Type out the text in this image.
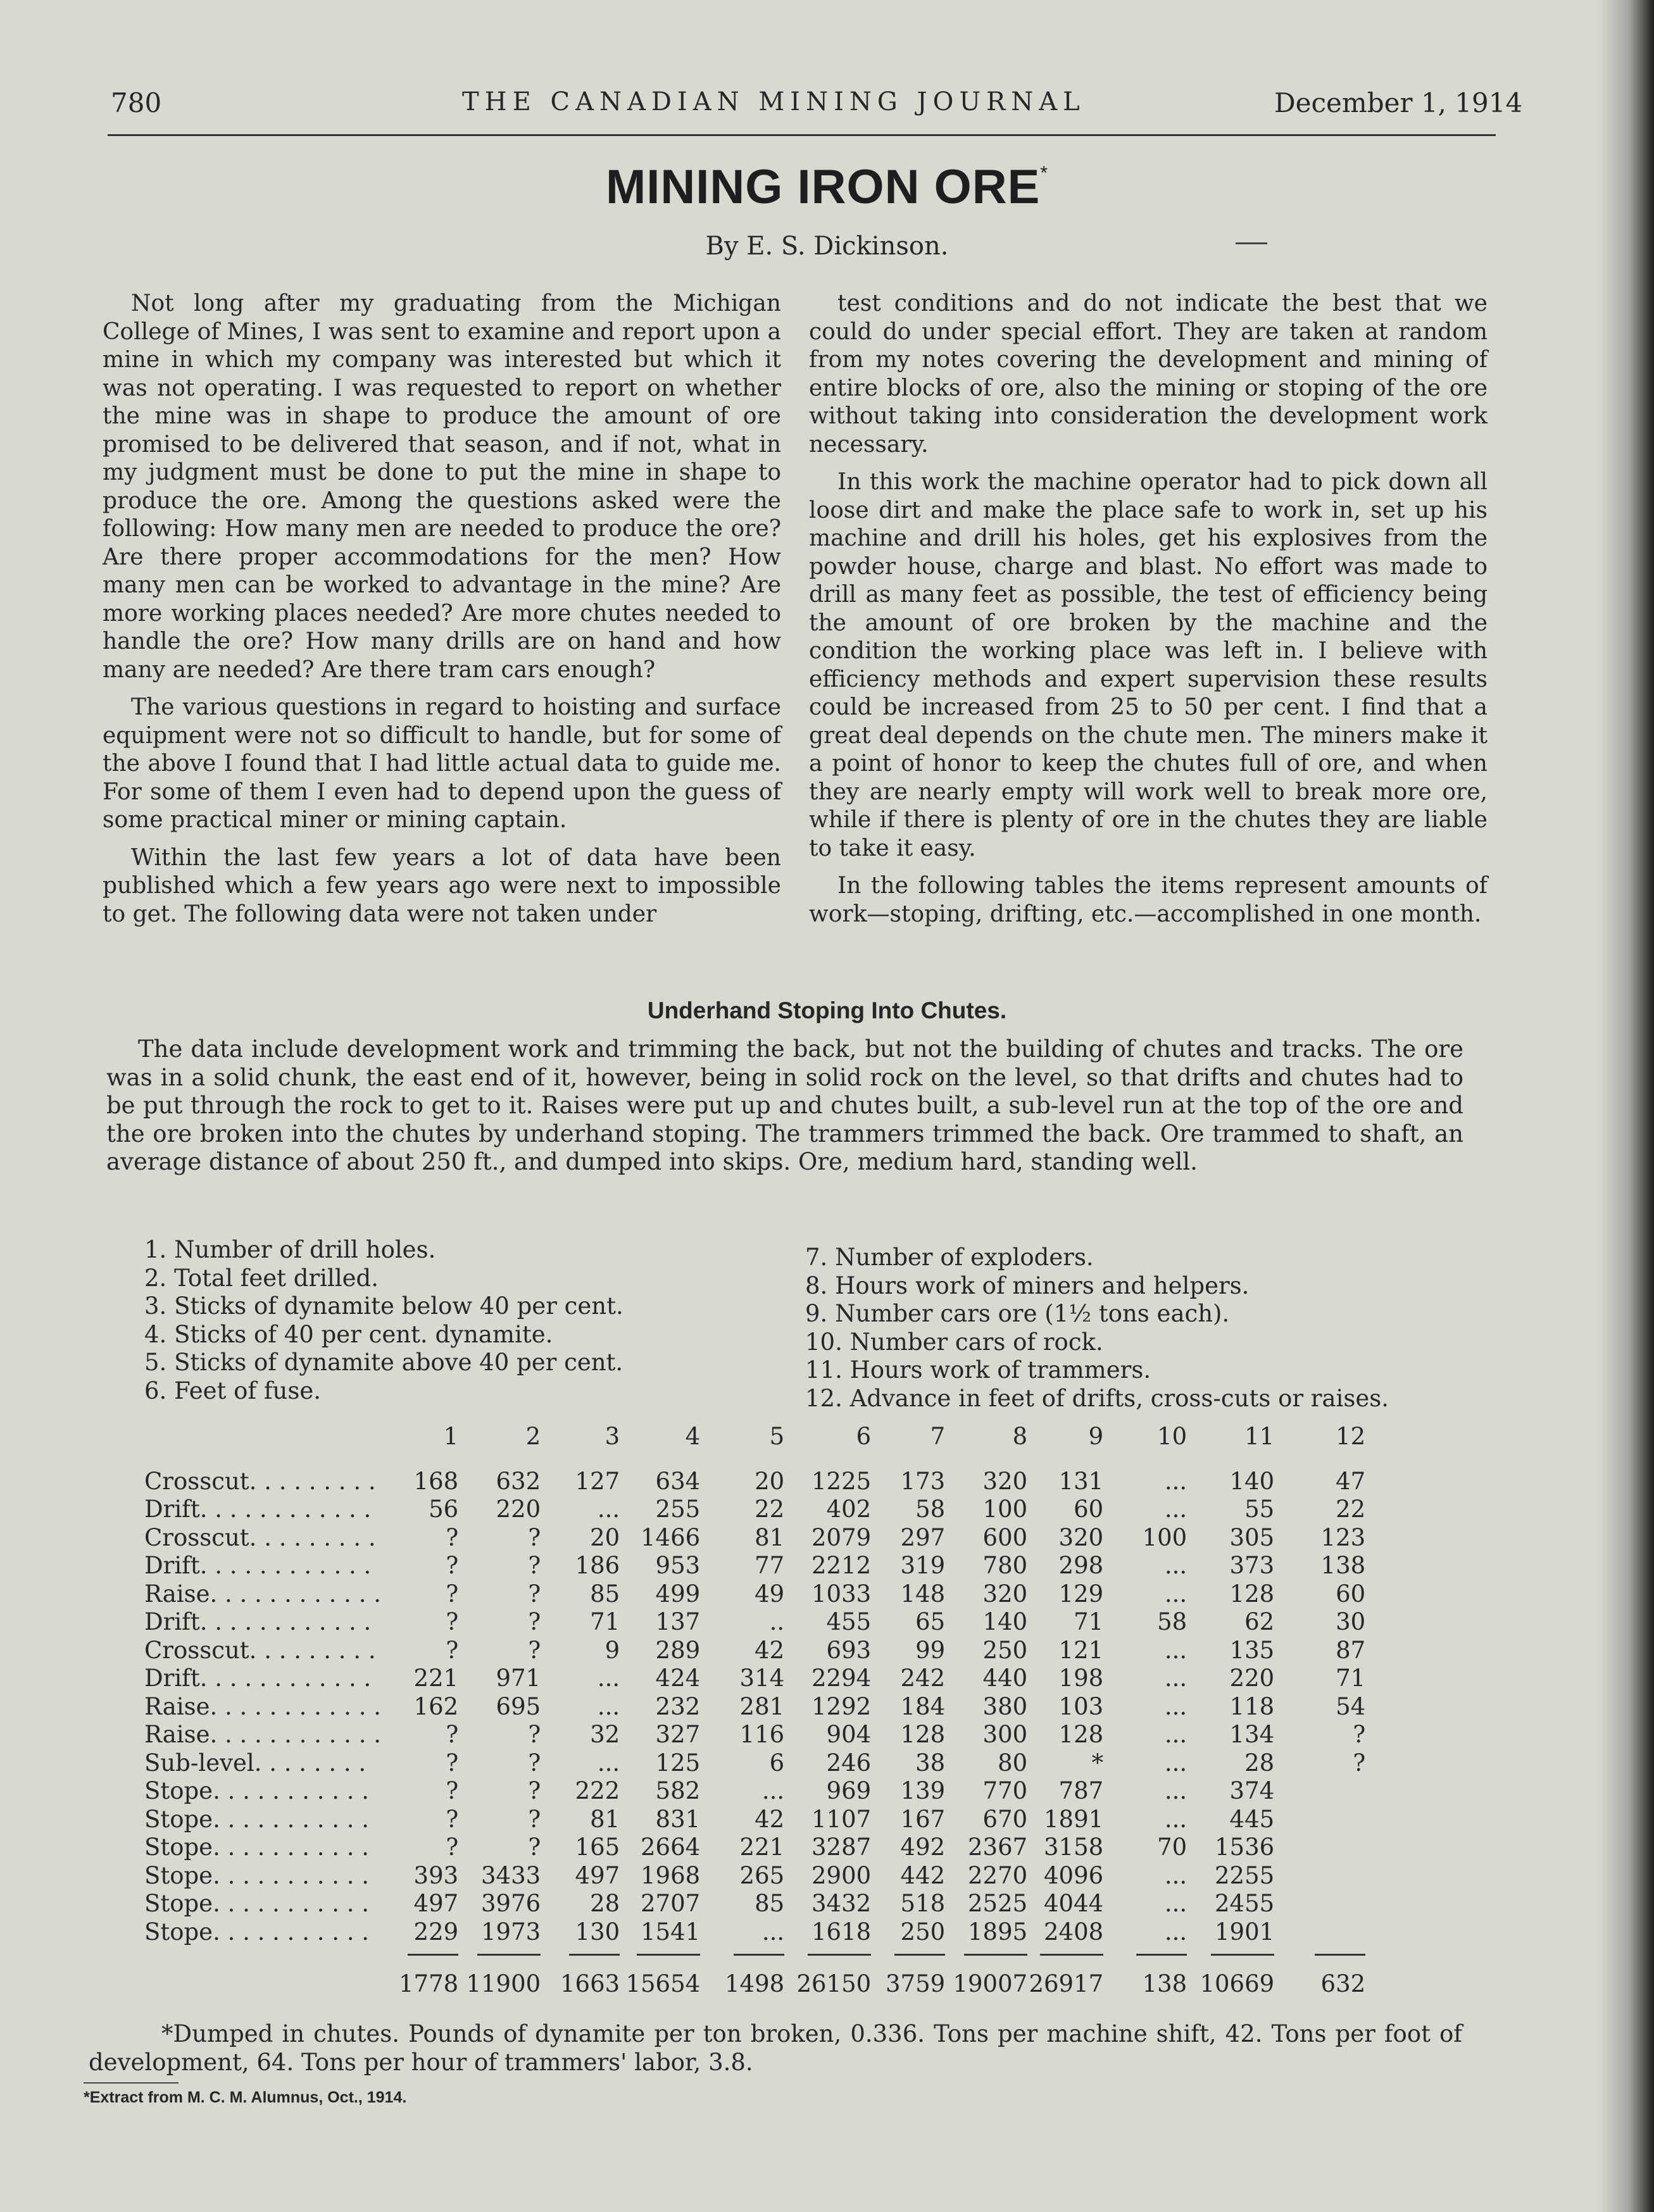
780	THE CANADIAN MINING JOURNAL	December 1, 1914
MINING IRON ORE*
By E. S. Dickinson.

Not long after my graduating from the Michigan College of Mines, I was sent to examine and report upon a mine in which my company was interested but which it was not operating. I was requested to report on whether the mine was in shape to produce the amount of ore promised to be delivered that season, and if not, what in my judgment must be done to put the mine in shape to produce the ore. Among the questions asked were the following: How many men are needed to produce the ore? Are there proper accommodations for the men? How many men can be worked to advantage in the mine? Are more working places needed? Are more chutes needed to handle the ore? How many drills are on hand and how many are needed? Are there tram cars enough?

The various questions in regard to hoisting and surface equipment were not so difficult to handle, but for some of the above I found that I had little actual data to guide me. For some of them I even had to depend upon the guess of some practical miner or mining captain.

Within the last few years a lot of data have been published which a few years ago were next to impossible to get. The following data were not taken under

test conditions and do not indicate the best that we could do under special effort. They are taken at random from my notes covering the development and mining of entire blocks of ore, also the mining or stoping of the ore without taking into consideration the development work necessary.

In this work the machine operator had to pick down all loose dirt and make the place safe to work in, set up his machine and drill his holes, get his explosives from the powder house, charge and blast. No effort was made to drill as many feet as possible, the test of efficiency being the amount of ore broken by the machine and the condition the working place was left in. I believe with efficiency methods and expert supervision these results could be increased from 25 to 50 per cent. I find that a great deal depends on the chute men. The miners make it a point of honor to keep the chutes full of ore, and when they are nearly empty will work well to break more ore, while if there is plenty of ore in the chutes they are liable to take it easy.

In the following tables the items represent amounts of work—stoping, drifting, etc.—accomplished in one month.

Underhand Stoping Into Chutes.

The data include development work and trimming the back, but not the building of chutes and tracks. The ore was in a solid chunk, the east end of it, however, being in solid rock on the level, so that drifts and chutes had to be put through the rock to get to it. Raises were put up and chutes built, a sub-level run at the top of the ore and the ore broken into the chutes by underhand stoping. The trammers trimmed the back. Ore trammed to shaft, an average distance of about 250 ft., and dumped into skips. Ore, medium hard, standing well.

1. Number of drill holes.
2. Total feet drilled.
3. Sticks of dynamite below 40 per cent.
4. Sticks of 40 per cent. dynamite.
5. Sticks of dynamite above 40 per cent.
6. Feet of fuse.
7. Number of exploders.
8. Hours work of miners and helpers.
9. Number cars ore (1½ tons each).
10. Number cars of rock.
11. Hours work of trammers.
12. Advance in feet of drifts, cross-cuts or raises.
	1	2	3	4	5	6	7	8	9	10	11	12
Crosscut. . . . . . . . .	168	632	127	634	20	1225	173	320	131	...	140	47
Drift. . . . . . . . . . . .	56	220	...	255	22	402	58	100	60	...	55	22
Crosscut. . . . . . . . .	?	?	20	1466	81	2079	297	600	320	100	305	123
Drift. . . . . . . . . . . .	?	?	186	953	77	2212	319	780	298	...	373	138
Raise. . . . . . . . . . . .	?	?	85	499	49	1033	148	320	129	...	128	60
Drift. . . . . . . . . . . .	?	?	71	137	..	455	65	140	71	58	62	30
Crosscut. . . . . . . . .	?	?	9	289	42	693	99	250	121	...	135	87
Drift. . . . . . . . . . . .	221	971	...	424	314	2294	242	440	198	...	220	71
Raise. . . . . . . . . . . .	162	695	...	232	281	1292	184	380	103	...	118	54
Raise. . . . . . . . . . . .	?	?	32	327	116	904	128	300	128	...	134	?
Sub-level. . . . . . . .	?	?	...	125	6	246	38	80	*	...	28	?
Stope. . . . . . . . . . .	?	?	222	582	...	969	139	770	787	...	374	
Stope. . . . . . . . . . .	?	?	81	831	42	1107	167	670	1891	...	445	
Stope. . . . . . . . . . .	?	?	165	2664	221	3287	492	2367	3158	70	1536	
Stope. . . . . . . . . . .	393	3433	497	1968	265	2900	442	2270	4096	...	2255	
Stope. . . . . . . . . . .	497	3976	28	2707	85	3432	518	2525	4044	...	2455	
Stope. . . . . . . . . . .	229	1973	130	1541	...	1618	250	1895	2408	...	1901	
	1778	11900	1663	15654	1498	26150	3759	19007	26917	138	10669	632

*Dumped in chutes. Pounds of dynamite per ton broken, 0.336. Tons per machine shift, 42. Tons per foot of development, 64. Tons per hour of trammers' labor, 3.8.

*Extract from M. C. M. Alumnus, Oct., 1914.
